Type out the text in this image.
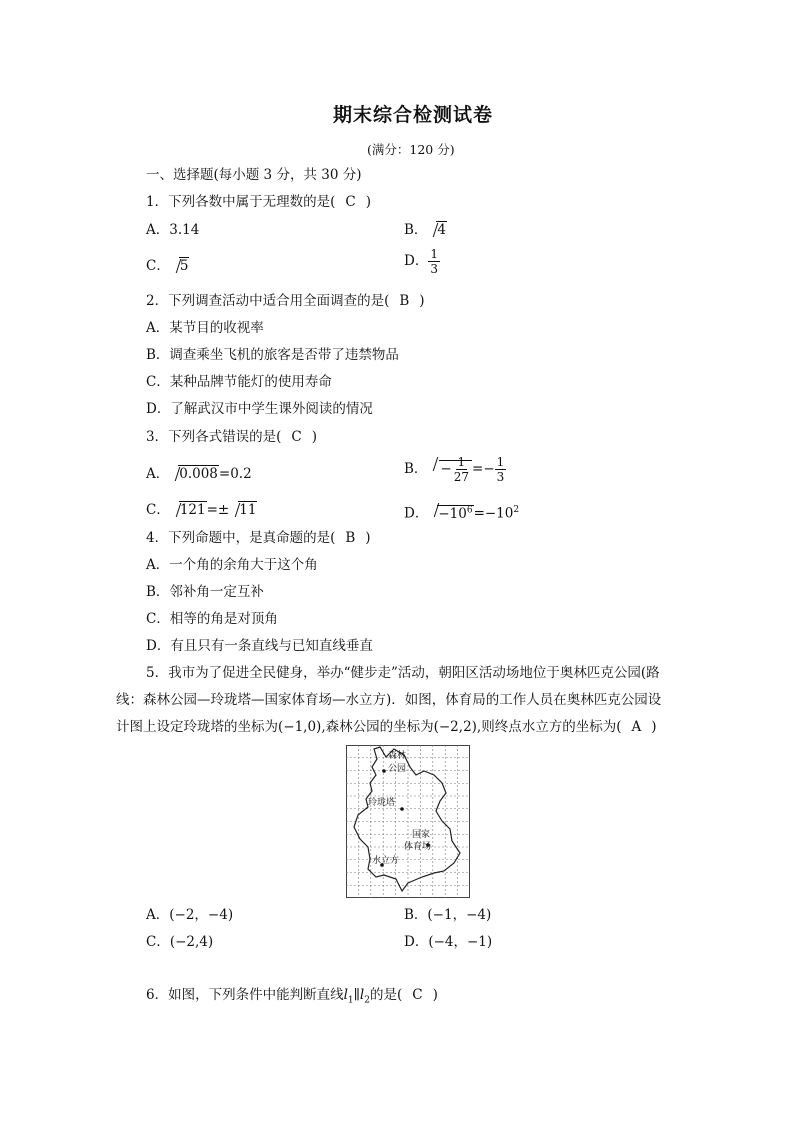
期末综合检测试卷
(满分：120 分)
一、选择题(每小题 3 分，共 30 分)
1．下列各数中属于无理数的是( C )
A．3.14	B． 4
C． 5	D． $\frac{1}{3}$
2．下列调查活动中适合用全面调查的是( B )
A．某节目的收视率
B．调查乘坐飞机的旅客是否带了违禁物品
C．某种品牌节能灯的使用寿命
D．了解武汉市中学生课外阅读的情况
3．下列各式错误的是( C )
A． 0.008=0.2	B． − $\frac{1}{27} =- \frac{1}{3}$
C． 121=± 11	D． $-10^6=-10^2$
4．下列命题中，是真命题的是( B )
A．一个角的余角大于这个角
B．邻补角一定互补
C．相等的角是对顶角
D．有且只有一条直线与已知直线垂直
5．我市为了促进全民健身，举办“健步走”活动，朝阳区活动场地位于奥林匹克公园(路
线：森林公园—玲珑塔—国家体育场—水立方)．如图，体育局的工作人员在奥林匹克公园设
计图上设定玲珑塔的坐标为(−1,0),森林公园的坐标为(−2,2),则终点水立方的坐标为( A )
森林
公园
玲珑塔
国家
体育场
水立方
A．(−2，−4)	B．(−1，−4)
C．(−2,4)	D．(−4，−1)
6．如图，下列条件中能判断直线$l_1\parallel l_2$的是( C )
